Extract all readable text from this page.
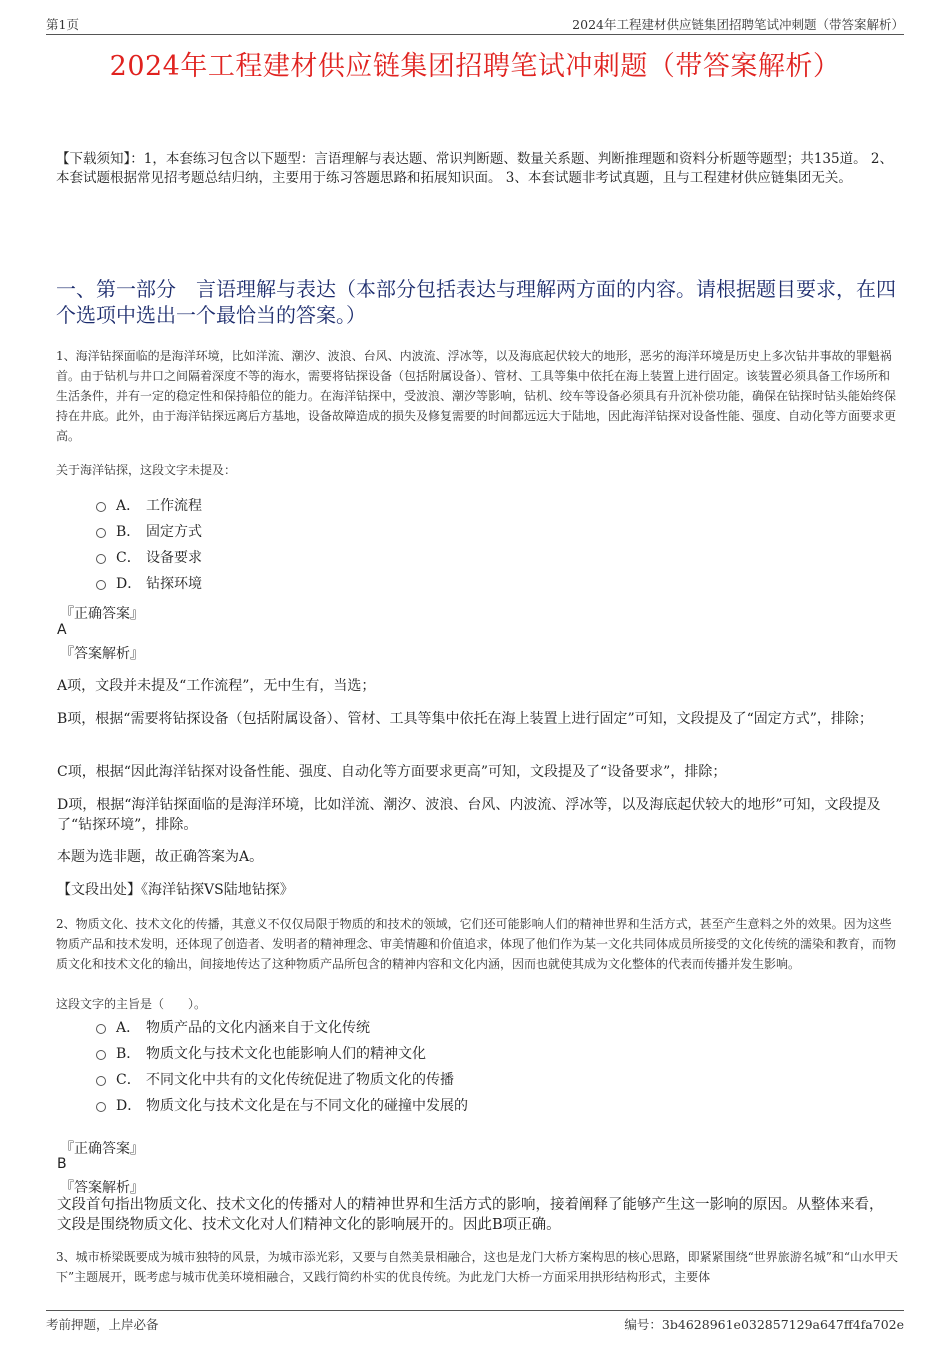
第1页	2024年工程建材供应链集团招聘笔试冲刺题（带答案解析）
2024年工程建材供应链集团招聘笔试冲刺题（带答案解析）
【下载须知】：1，本套练习包含以下题型：言语理解与表达题、常识判断题、数量关系题、判断推理题和资料分析题等题型；共135道。 2、本套试题根据常见招考题总结归纳，主要用于练习答题思路和拓展知识面。 3、本套试题非考试真题，且与工程建材供应链集团无关。
一、第一部分　言语理解与表达（本部分包括表达与理解两方面的内容。请根据题目要求，在四个选项中选出一个最恰当的答案。）
1、海洋钻探面临的是海洋环境，比如洋流、潮汐、波浪、台风、内波流、浮冰等，以及海底起伏较大的地形，恶劣的海洋环境是历史上多次钻井事故的罪魁祸首。由于钻机与井口之间隔着深度不等的海水，需要将钻探设备（包括附属设备）、管材、工具等集中依托在海上装置上进行固定。该装置必须具备工作场所和生活条件，并有一定的稳定性和保持船位的能力。在海洋钻探中，受波浪、潮汐等影响，钻机、绞车等设备必须具有升沉补偿功能，确保在钻探时钻头能始终保持在井底。此外，由于海洋钻探远离后方基地，设备故障造成的损失及修复需要的时间都远远大于陆地，因此海洋钻探对设备性能、强度、自动化等方面要求更高。
关于海洋钻探，这段文字未提及：
A． 工作流程
B． 固定方式
C． 设备要求
D． 钻探环境
『正确答案』
A
『答案解析』
A项，文段并未提及“工作流程”，无中生有，当选；
B项，根据“需要将钻探设备（包括附属设备）、管材、工具等集中依托在海上装置上进行固定”可知，文段提及了“固定方式”，排除；
C项，根据“因此海洋钻探对设备性能、强度、自动化等方面要求更高”可知，文段提及了“设备要求”，排除；
D项，根据“海洋钻探面临的是海洋环境，比如洋流、潮汐、波浪、台风、内波流、浮冰等，以及海底起伏较大的地形”可知，文段提及了“钻探环境”，排除。
本题为选非题，故正确答案为A。
【文段出处】《海洋钻探VS陆地钻探》
2、物质文化、技术文化的传播，其意义不仅仅局限于物质的和技术的领域，它们还可能影响人们的精神世界和生活方式，甚至产生意料之外的效果。因为这些物质产品和技术发明，还体现了创造者、发明者的精神理念、审美情趣和价值追求，体现了他们作为某一文化共同体成员所接受的文化传统的濡染和教育，而物质文化和技术文化的输出，间接地传达了这种物质产品所包含的精神内容和文化内涵，因而也就使其成为文化整体的代表而传播并发生影响。
这段文字的主旨是（　　）。
A． 物质产品的文化内涵来自于文化传统
B． 物质文化与技术文化也能影响人们的精神文化
C． 不同文化中共有的文化传统促进了物质文化的传播
D． 物质文化与技术文化是在与不同文化的碰撞中发展的
『正确答案』
B
『答案解析』
文段首句指出物质文化、技术文化的传播对人的精神世界和生活方式的影响，接着阐释了能够产生这一影响的原因。从整体来看，文段是围绕物质文化、技术文化对人们精神文化的影响展开的。因此B项正确。
3、城市桥梁既要成为城市独特的风景，为城市添光彩，又要与自然美景相融合，这也是龙门大桥方案构思的核心思路，即紧紧围绕“世界旅游名城”和“山水甲天下”主题展开，既考虑与城市优美环境相融合，又践行简约朴实的优良传统。为此龙门大桥一方面采用拱形结构形式，主要体
考前押题，上岸必备	编号：3b4628961e032857129a647ff4fa702e
